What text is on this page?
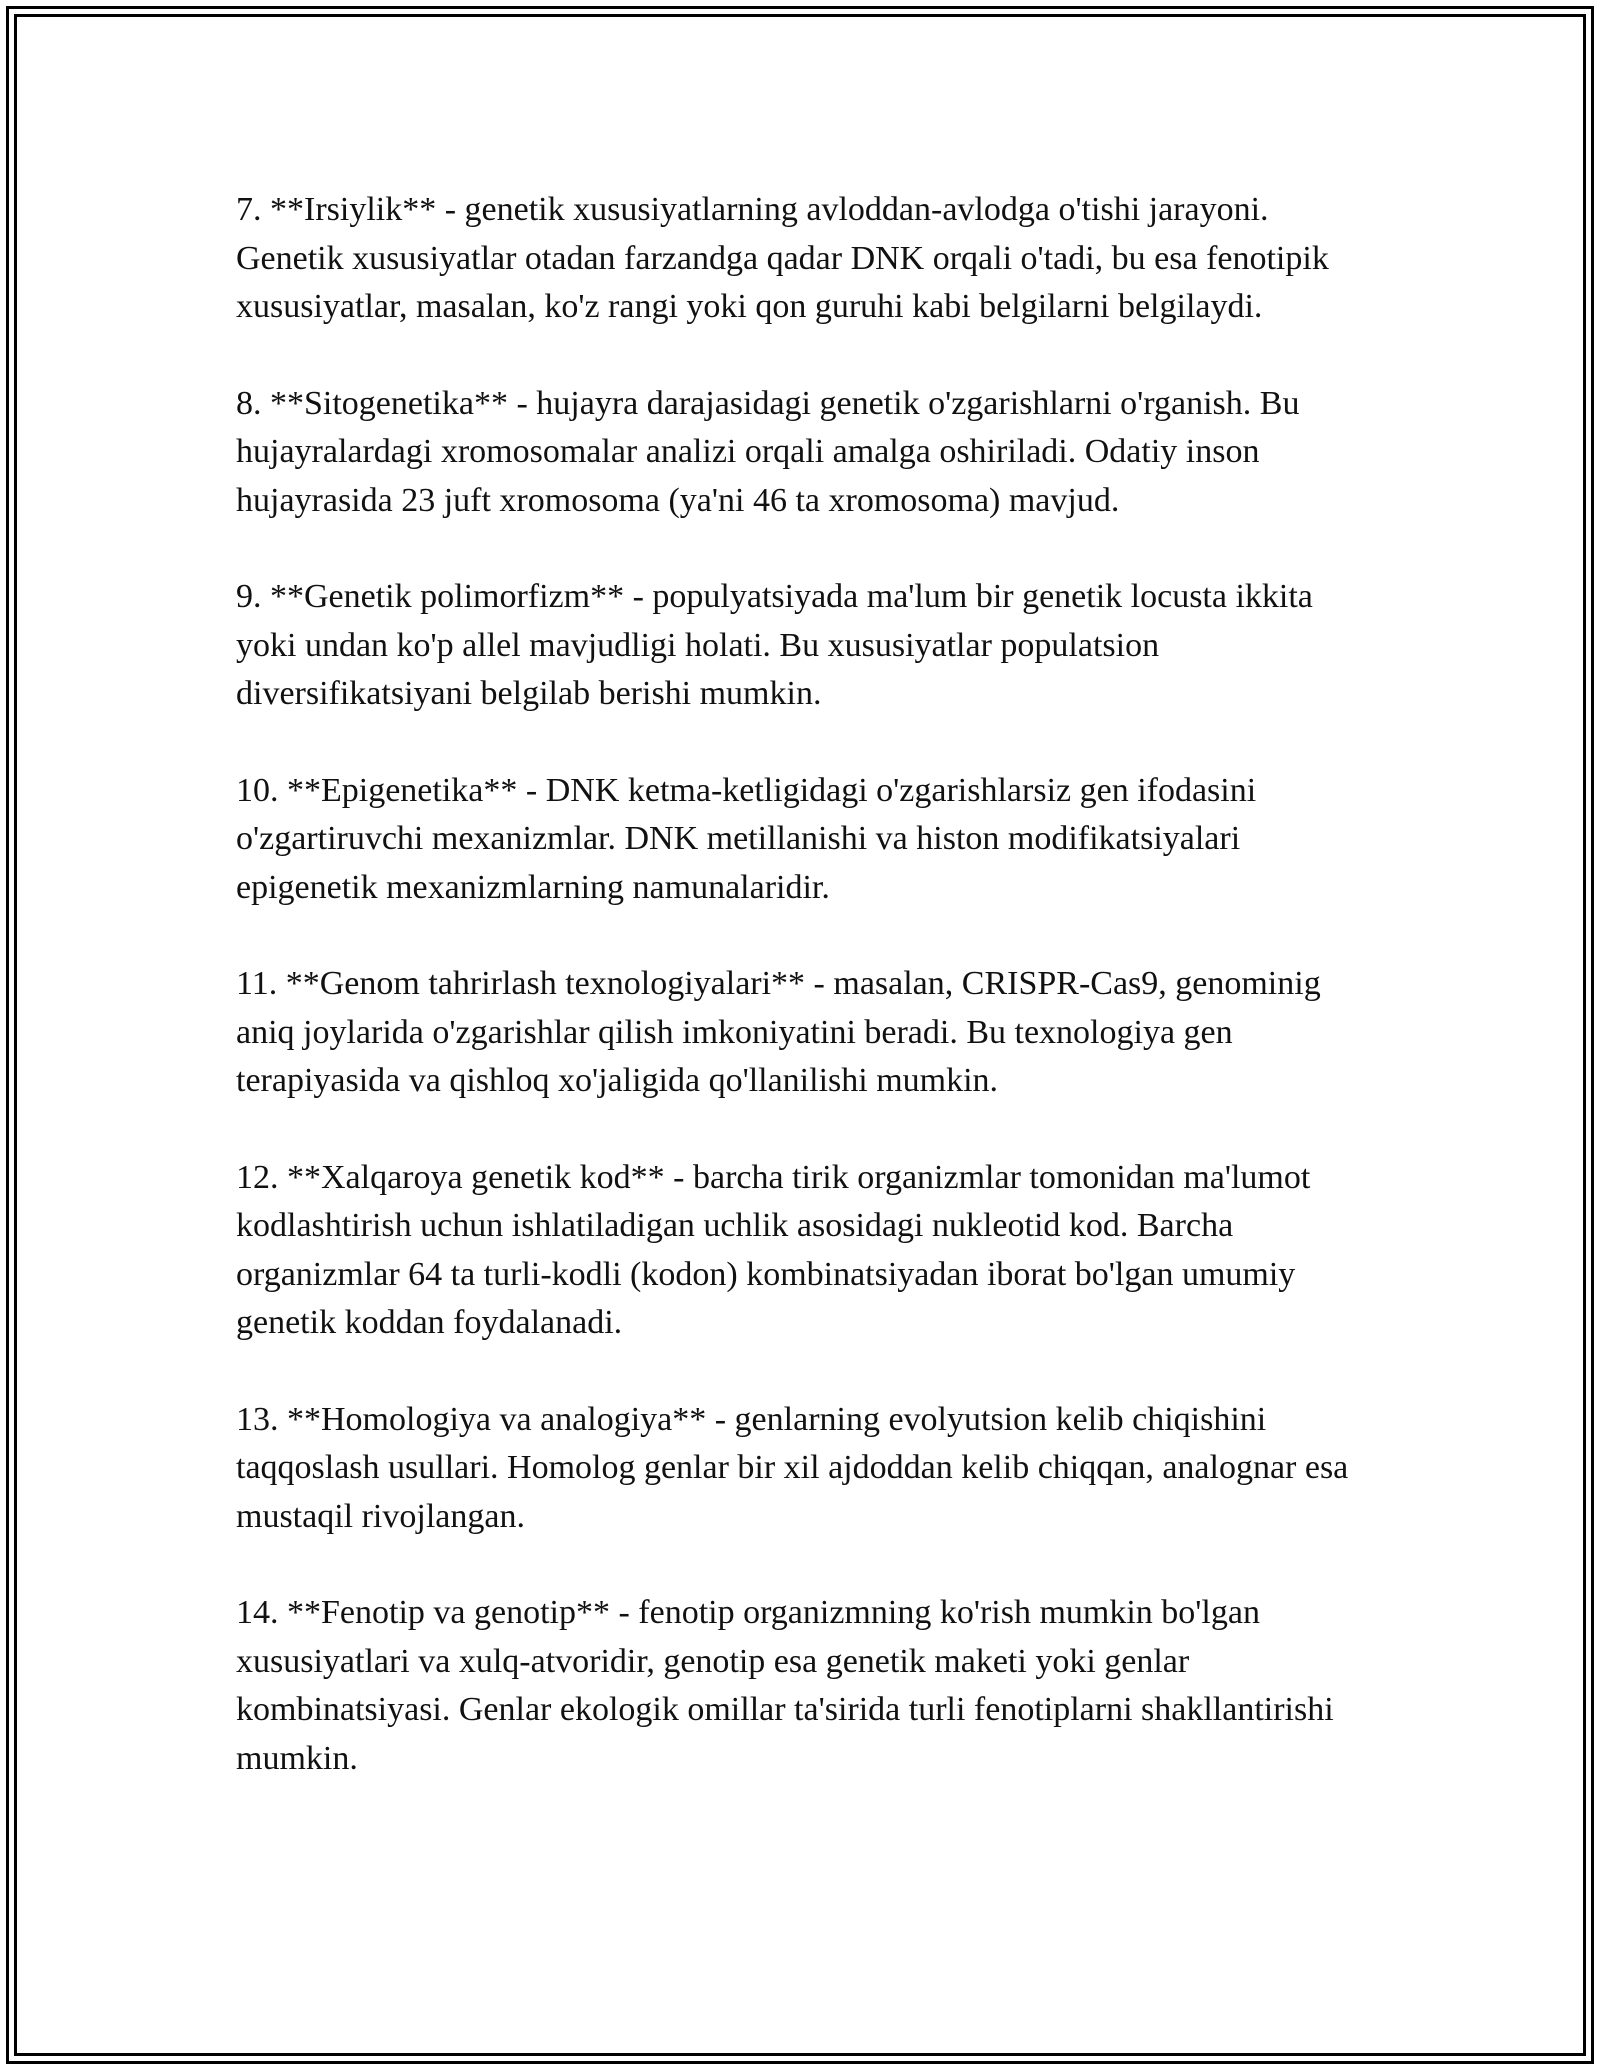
7. **Irsiylik** - genetik xususiyatlarning avloddan-avlodga o'tishi jarayoni. Genetik xususiyatlar otadan farzandga qadar DNK orqali o'tadi, bu esa fenotipik xususiyatlar, masalan, ko'z rangi yoki qon guruhi kabi belgilarni belgilaydi.

8. **Sitogenetika** - hujayra darajasidagi genetik o'zgarishlarni o'rganish. Bu hujayralardagi xromosomalar analizi orqali amalga oshiriladi. Odatiy inson hujayrasida 23 juft xromosoma (ya'ni 46 ta xromosoma) mavjud.

9. **Genetik polimorfizm** - populyatsiyada ma'lum bir genetik locusta ikkita yoki undan ko'p allel mavjudligi holati. Bu xususiyatlar populatsion diversifikatsiyani belgilab berishi mumkin.

10. **Epigenetika** - DNK ketma-ketligidagi o'zgarishlarsiz gen ifodasini o'zgartiruvchi mexanizmlar. DNK metillanishi va histon modifikatsiyalari epigenetik mexanizmlarning namunalaridir.

11. **Genom tahrirlash texnologiyalari** - masalan, CRISPR-Cas9, genominig aniq joylarida o'zgarishlar qilish imkoniyatini beradi. Bu texnologiya gen terapiyasida va qishloq xo'jaligida qo'llanilishi mumkin.

12. **Xalqaroya genetik kod** - barcha tirik organizmlar tomonidan ma'lumot kodlashtirish uchun ishlatiladigan uchlik asosidagi nukleotid kod. Barcha organizmlar 64 ta turli-kodli (kodon) kombinatsiyadan iborat bo'lgan umumiy genetik koddan foydalanadi.

13. **Homologiya va analogiya** - genlarning evolyutsion kelib chiqishini taqqoslash usullari. Homolog genlar bir xil ajdoddan kelib chiqqan, analognar esa mustaqil rivojlangan.

14. **Fenotip va genotip** - fenotip organizmning ko'rish mumkin bo'lgan xususiyatlari va xulq-atvoridir, genotip esa genetik maketi yoki genlar kombinatsiyasi. Genlar ekologik omillar ta'sirida turli fenotiplarni shakllantirishi mumkin.
